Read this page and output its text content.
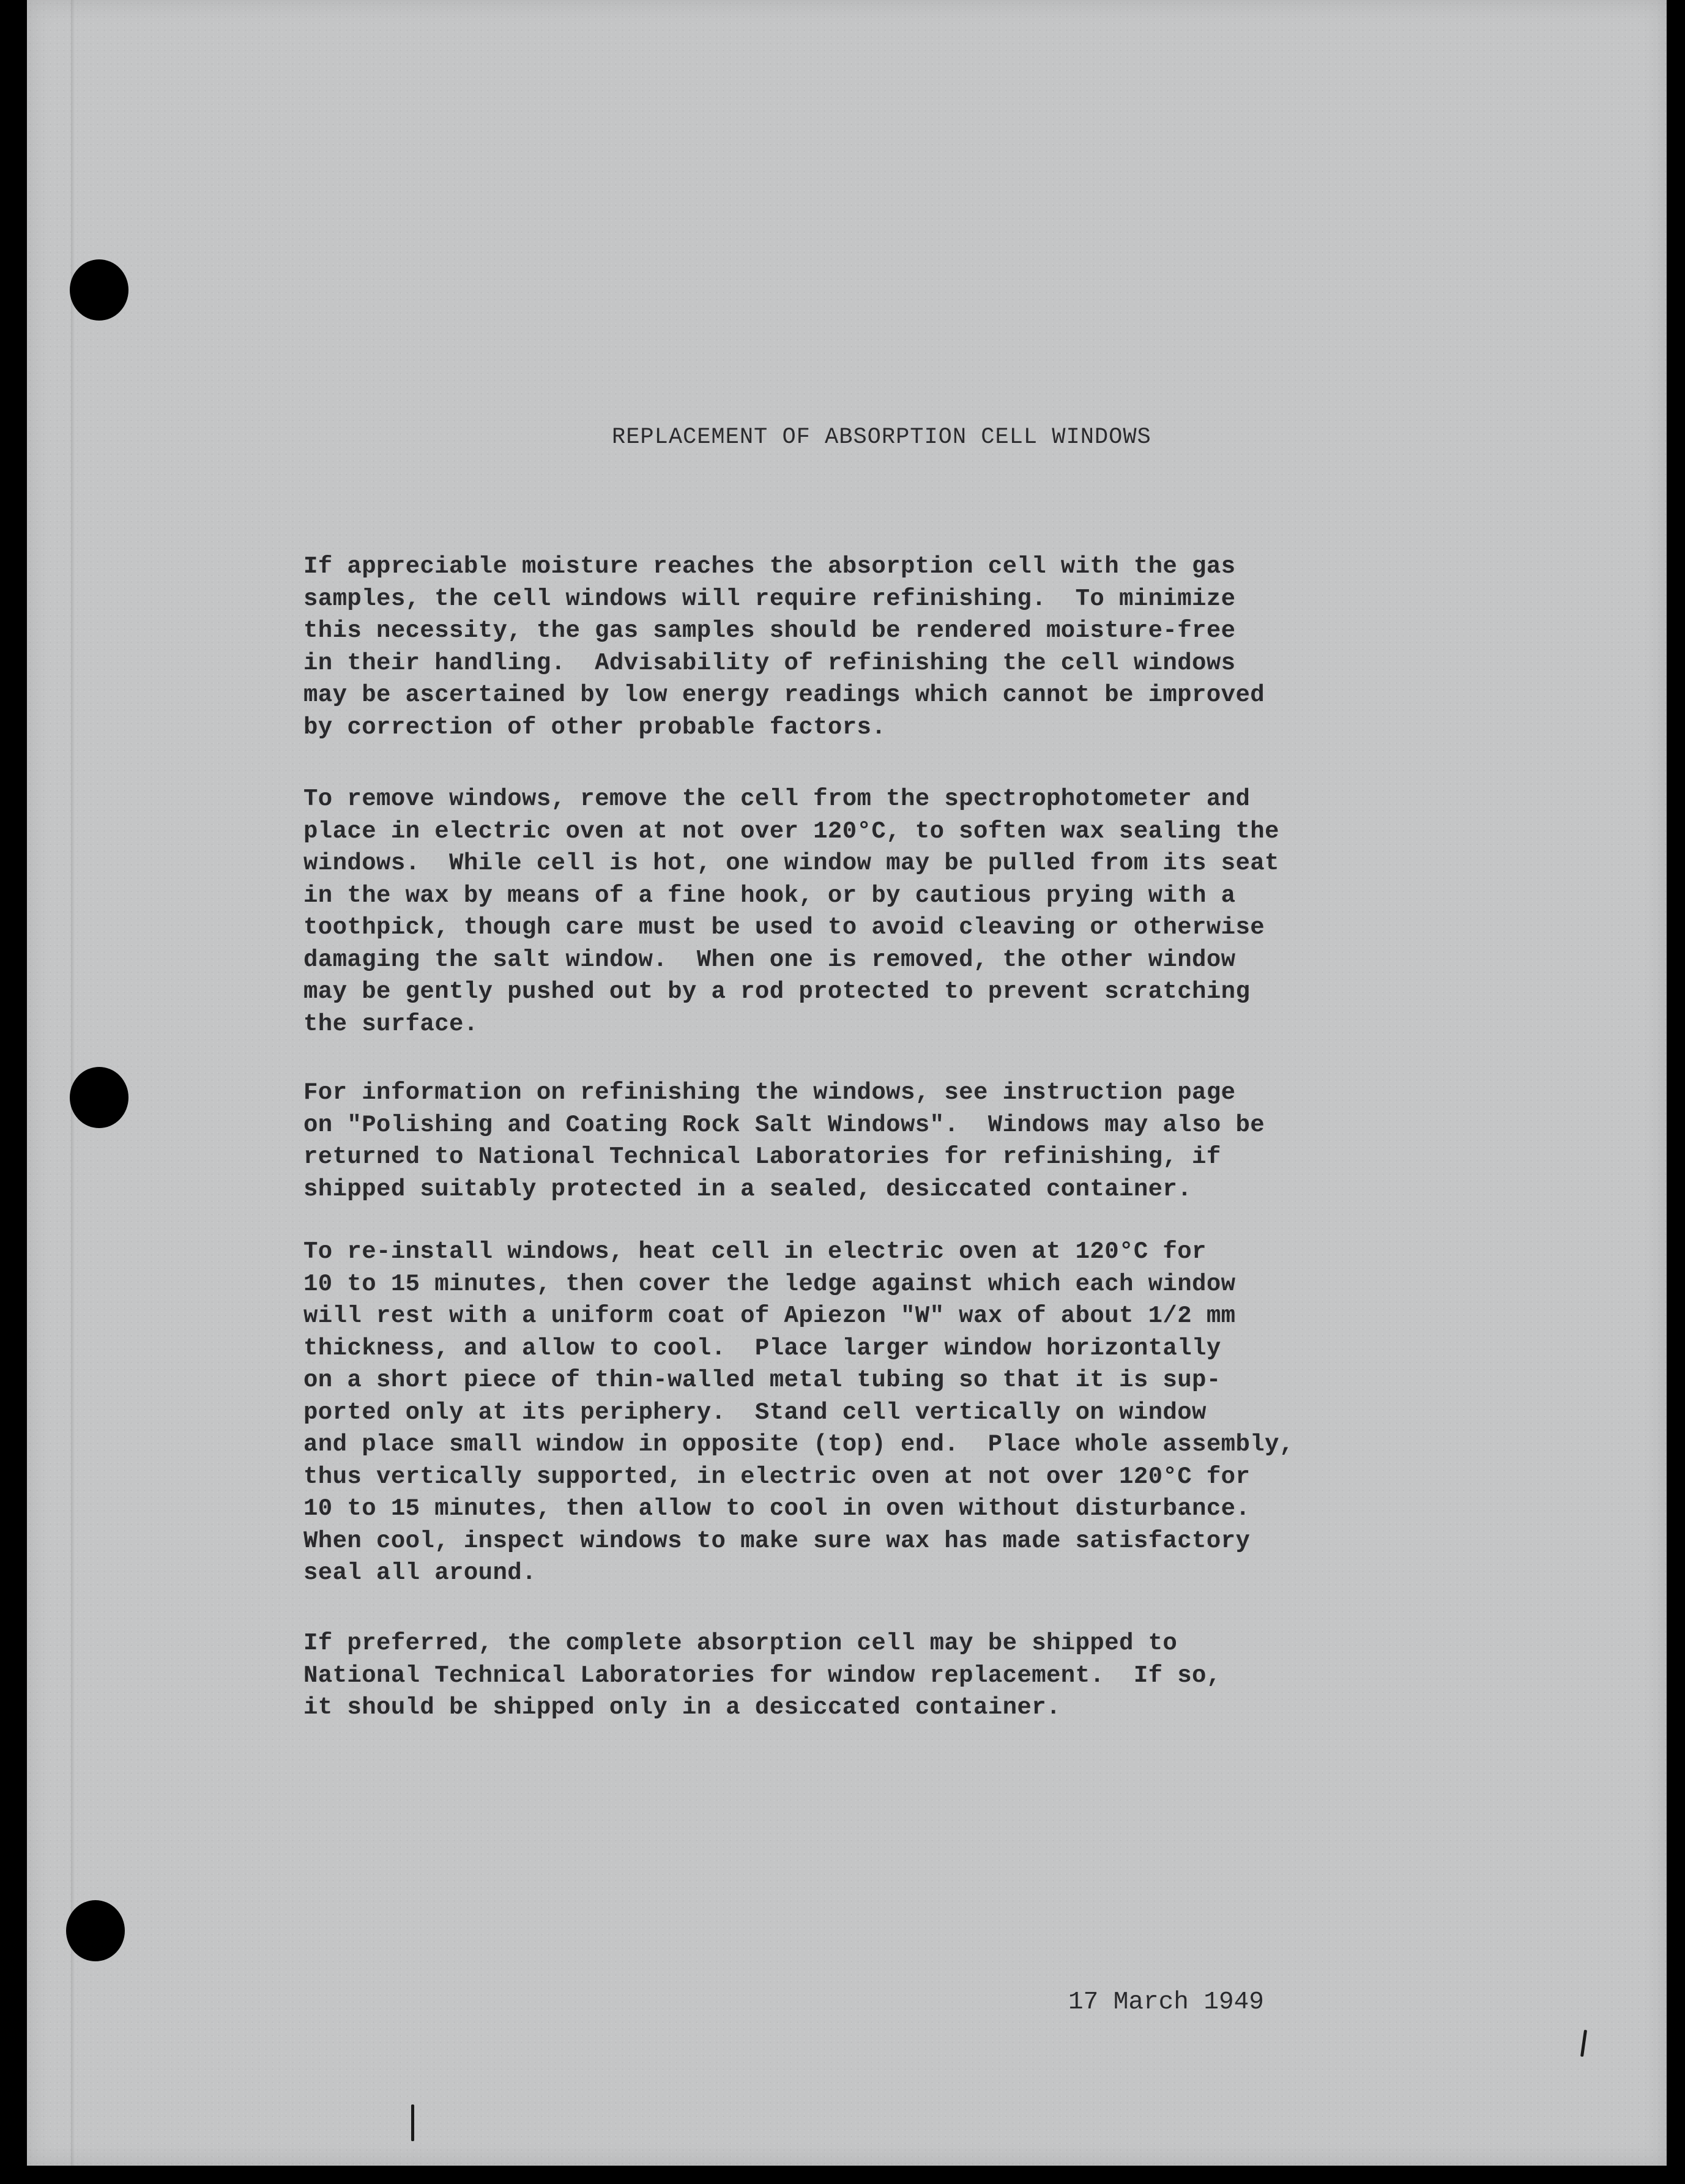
REPLACEMENT OF ABSORPTION CELL WINDOWS

If appreciable moisture reaches the absorption cell with the gas
samples, the cell windows will require refinishing.  To minimize
this necessity, the gas samples should be rendered moisture-free
in their handling.  Advisability of refinishing the cell windows
may be ascertained by low energy readings which cannot be improved
by correction of other probable factors.

To remove windows, remove the cell from the spectrophotometer and
place in electric oven at not over 120°C, to soften wax sealing the
windows.  While cell is hot, one window may be pulled from its seat
in the wax by means of a fine hook, or by cautious prying with a
toothpick, though care must be used to avoid cleaving or otherwise
damaging the salt window.  When one is removed, the other window
may be gently pushed out by a rod protected to prevent scratching
the surface.

For information on refinishing the windows, see instruction page
on "Polishing and Coating Rock Salt Windows".  Windows may also be
returned to National Technical Laboratories for refinishing, if
shipped suitably protected in a sealed, desiccated container.

To re-install windows, heat cell in electric oven at 120°C for
10 to 15 minutes, then cover the ledge against which each window
will rest with a uniform coat of Apiezon "W" wax of about 1/2 mm
thickness, and allow to cool.  Place larger window horizontally
on a short piece of thin-walled metal tubing so that it is sup-
ported only at its periphery.  Stand cell vertically on window
and place small window in opposite (top) end.  Place whole assembly,
thus vertically supported, in electric oven at not over 120°C for
10 to 15 minutes, then allow to cool in oven without disturbance.
When cool, inspect windows to make sure wax has made satisfactory
seal all around.

If preferred, the complete absorption cell may be shipped to
National Technical Laboratories for window replacement.  If so,
it should be shipped only in a desiccated container.

17 March 1949
